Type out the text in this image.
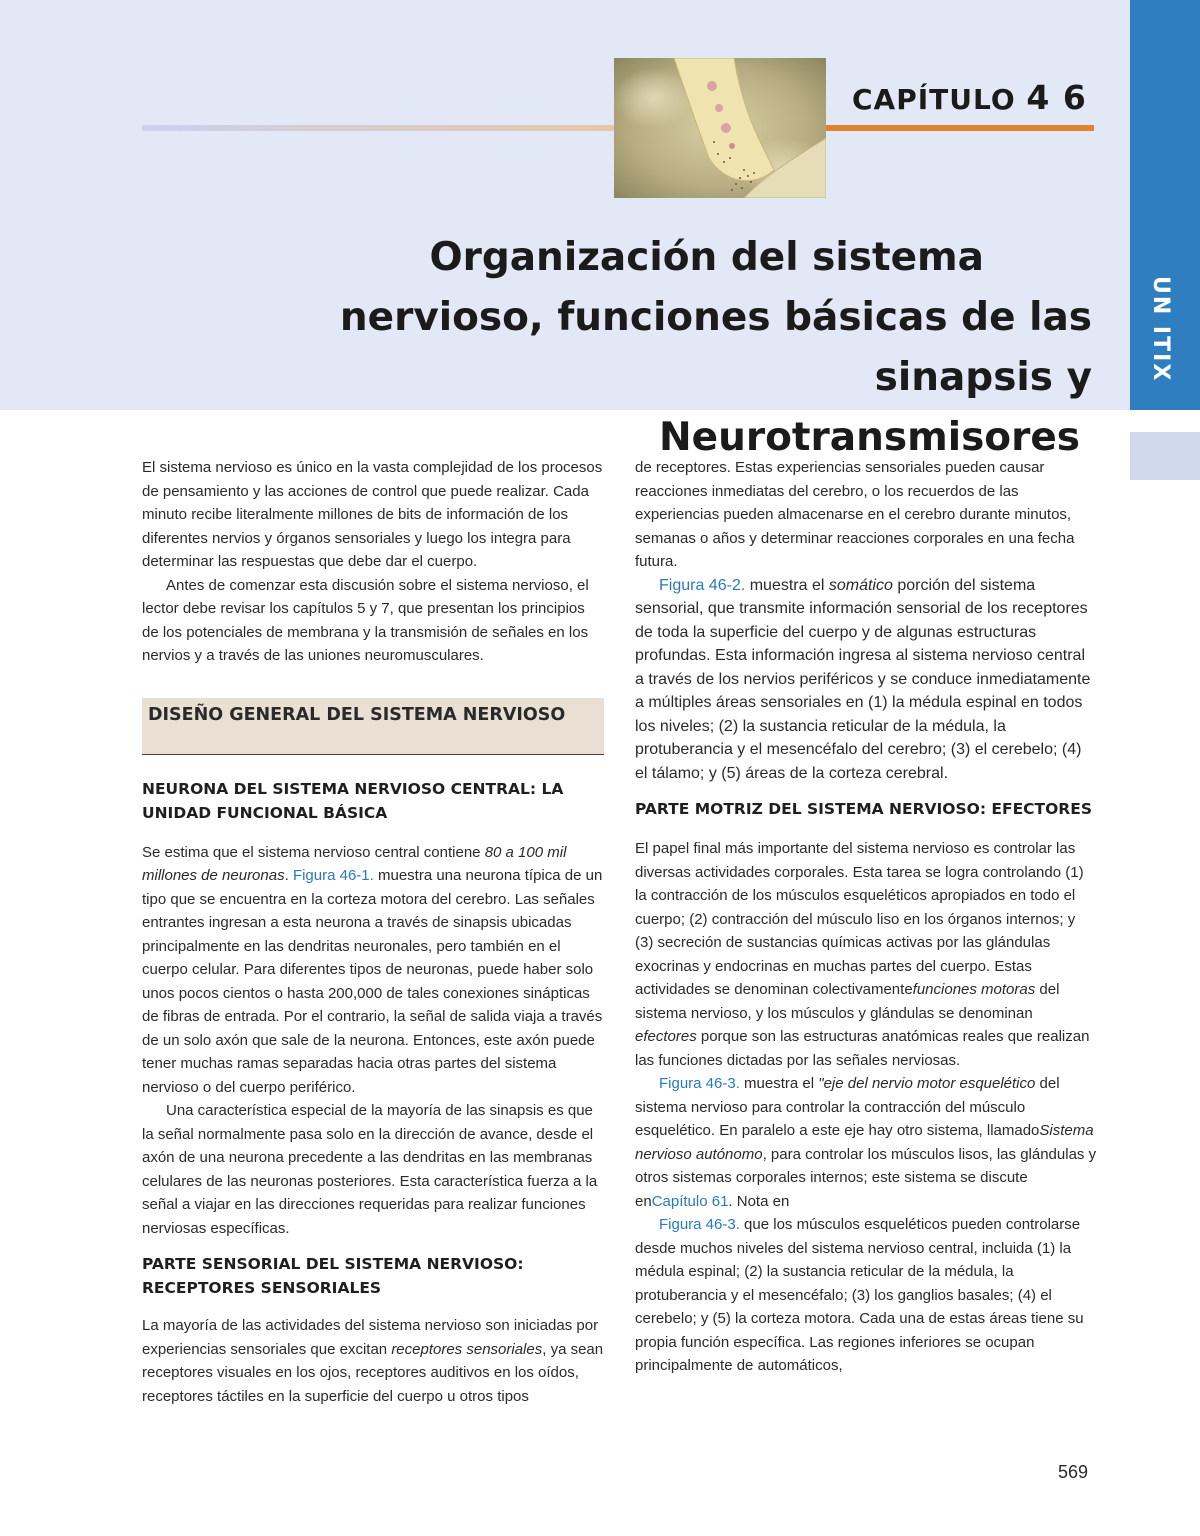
UN ITIX
CAPÍTULO 4 6
Organización del sistema
nervioso, funciones básicas de las sinapsis y
Neurotransmisores

El sistema nervioso es único en la vasta complejidad de los procesos de pensamiento y las acciones de control que puede realizar. Cada minuto recibe literalmente millones de bits de información de los diferentes nervios y órganos sensoriales y luego los integra para determinar las respuestas que debe dar el cuerpo.

Antes de comenzar esta discusión sobre el sistema nervioso, el lector debe revisar los capítulos 5 y 7, que presentan los principios de los potenciales de membrana y la transmisión de señales en los nervios y a través de las uniones neuromusculares.

DISEÑO GENERAL DEL SISTEMA NERVIOSO
NEURONA DEL SISTEMA NERVIOSO CENTRAL: LA UNIDAD FUNCIONAL BÁSICA

Se estima que el sistema nervioso central contiene 80 a 100 mil millones de neuronas. Figura 46-1. muestra una neurona típica de un tipo que se encuentra en la corteza motora del cerebro. Las señales entrantes ingresan a esta neurona a través de sinapsis ubicadas principalmente en las dendritas neuronales, pero también en el cuerpo celular. Para diferentes tipos de neuronas, puede haber solo unos pocos cientos o hasta 200,000 de tales conexiones sinápticas de fibras de entrada. Por el contrario, la señal de salida viaja a través de un solo axón que sale de la neurona. Entonces, este axón puede tener muchas ramas separadas hacia otras partes del sistema nervioso o del cuerpo periférico.

Una característica especial de la mayoría de las sinapsis es que la señal normalmente pasa solo en la dirección de avance, desde el axón de una neurona precedente a las dendritas en las membranas celulares de las neuronas posteriores. Esta característica fuerza a la señal a viajar en las direcciones requeridas para realizar funciones nerviosas específicas.

PARTE SENSORIAL DEL SISTEMA NERVIOSO: RECEPTORES SENSORIALES

La mayoría de las actividades del sistema nervioso son iniciadas por experiencias sensoriales que excitan receptores sensoriales, ya sean receptores visuales en los ojos, receptores auditivos en los oídos, receptores táctiles en la superficie del cuerpo u otros tipos

de receptores. Estas experiencias sensoriales pueden causar reacciones inmediatas del cerebro, o los recuerdos de las experiencias pueden almacenarse en el cerebro durante minutos, semanas o años y determinar reacciones corporales en una fecha futura.

Figura 46-2. muestra el somático porción del sistema sensorial, que transmite información sensorial de los receptores de toda la superficie del cuerpo y de algunas estructuras profundas. Esta información ingresa al sistema nervioso central a través de los nervios periféricos y se conduce inmediatamente a múltiples áreas sensoriales en (1) la médula espinal en todos los niveles; (2) la sustancia reticular de la médula, la protuberancia y el mesencéfalo del cerebro; (3) el cerebelo; (4) el tálamo; y (5) áreas de la corteza cerebral.

PARTE MOTRIZ DEL SISTEMA NERVIOSO: EFECTORES

El papel final más importante del sistema nervioso es controlar las diversas actividades corporales. Esta tarea se logra controlando (1) la contracción de los músculos esqueléticos apropiados en todo el cuerpo; (2) contracción del músculo liso en los órganos internos; y (3) secreción de sustancias químicas activas por las glándulas exocrinas y endocrinas en muchas partes del cuerpo. Estas actividades se denominan colectivamentefunciones motoras del sistema nervioso, y los músculos y glándulas se denominan efectores porque son las estructuras anatómicas reales que realizan las funciones dictadas por las señales nerviosas.

Figura 46-3. muestra el "eje del nervio motor esquelético del sistema nervioso para controlar la contracción del músculo esquelético. En paralelo a este eje hay otro sistema, llamadoSistema nervioso autónomo, para controlar los músculos lisos, las glándulas y otros sistemas corporales internos; este sistema se discute enCapítulo 61. Nota en

Figura 46-3. que los músculos esqueléticos pueden controlarse desde muchos niveles del sistema nervioso central, incluida (1) la médula espinal; (2) la sustancia reticular de la médula, la protuberancia y el mesencéfalo; (3) los ganglios basales; (4) el cerebelo; y (5) la corteza motora. Cada una de estas áreas tiene su propia función específica. Las regiones inferiores se ocupan principalmente de automáticos,

569
